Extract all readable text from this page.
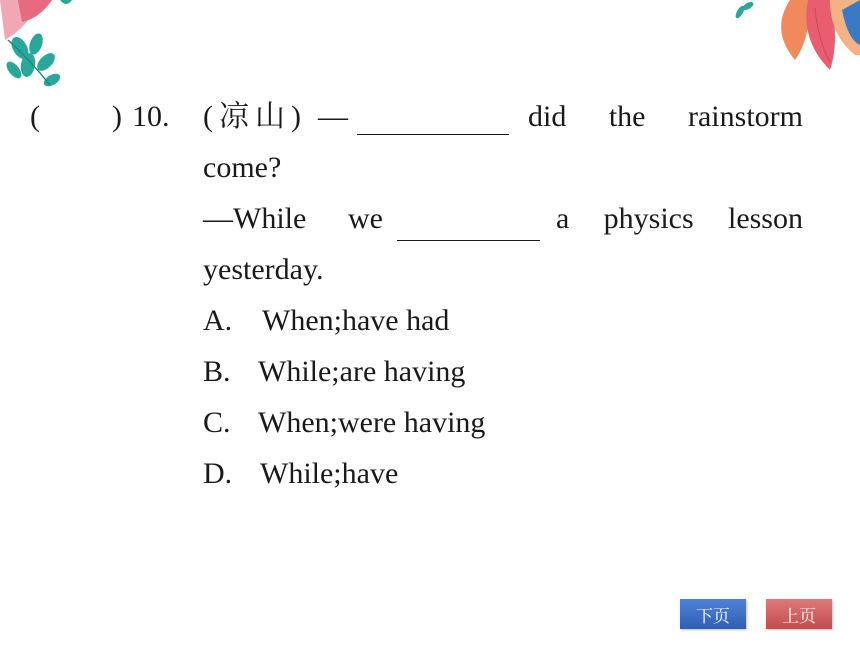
( ) 10. (凉山) —	did the rainstorm
come?
—While we	a physics lesson
yesterday.
A. When;have had
B. While;are having
C. When;were having
D. While;have
下页	上页
